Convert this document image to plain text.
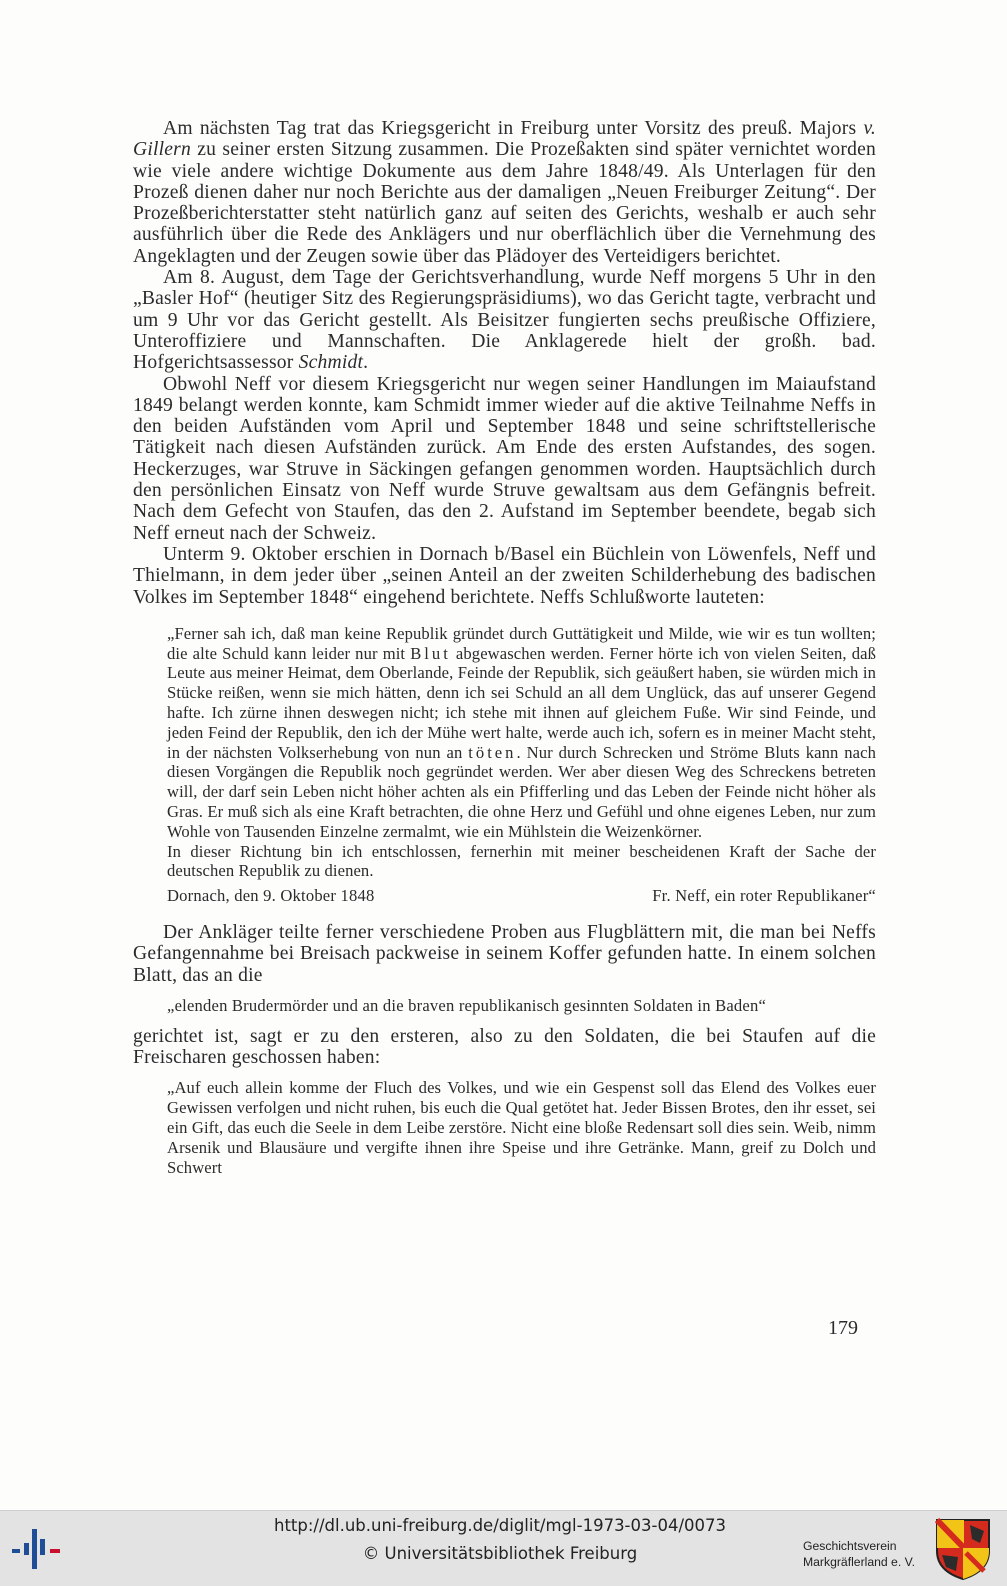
Am nächsten Tag trat das Kriegsgericht in Freiburg unter Vorsitz des preuß. Majors v. Gillern zu seiner ersten Sitzung zusammen. Die Prozeßakten sind später vernichtet worden wie viele andere wichtige Dokumente aus dem Jahre 1848/49. Als Unterlagen für den Prozeß dienen daher nur noch Berichte aus der damaligen „Neuen Freiburger Zeitung“. Der Prozeßberichterstatter steht natürlich ganz auf seiten des Gerichts, weshalb er auch sehr ausführlich über die Rede des Anklägers und nur oberflächlich über die Vernehmung des Angeklagten und der Zeugen sowie über das Plädoyer des Verteidigers berichtet.

Am 8. August, dem Tage der Gerichtsverhandlung, wurde Neff morgens 5 Uhr in den „Basler Hof“ (heutiger Sitz des Regierungspräsidiums), wo das Gericht tagte, verbracht und um 9 Uhr vor das Gericht gestellt. Als Beisitzer fungierten sechs preußische Offiziere, Unteroffiziere und Mannschaften. Die Anklagerede hielt der großh. bad. Hofgerichtsassessor Schmidt.

Obwohl Neff vor diesem Kriegsgericht nur wegen seiner Handlungen im Maiaufstand 1849 belangt werden konnte, kam Schmidt immer wieder auf die aktive Teilnahme Neffs in den beiden Aufständen vom April und September 1848 und seine schriftstellerische Tätigkeit nach diesen Aufständen zurück. Am Ende des ersten Aufstandes, des sogen. Heckerzuges, war Struve in Säckingen gefangen genommen worden. Hauptsächlich durch den persönlichen Einsatz von Neff wurde Struve gewaltsam aus dem Gefängnis befreit. Nach dem Gefecht von Staufen, das den 2. Aufstand im September beendete, begab sich Neff erneut nach der Schweiz.

Unterm 9. Oktober erschien in Dornach b/Basel ein Büchlein von Löwenfels, Neff und Thielmann, in dem jeder über „seinen Anteil an der zweiten Schilderhebung des badischen Volkes im September 1848“ eingehend berichtete. Neffs Schlußworte lauteten:

„Ferner sah ich, daß man keine Republik gründet durch Guttätigkeit und Milde, wie wir es tun wollten; die alte Schuld kann leider nur mit Blut abgewaschen werden. Ferner hörte ich von vielen Seiten, daß Leute aus meiner Heimat, dem Oberlande, Feinde der Republik, sich geäußert haben, sie würden mich in Stücke reißen, wenn sie mich hätten, denn ich sei Schuld an all dem Unglück, das auf unserer Gegend hafte. Ich zürne ihnen deswegen nicht; ich stehe mit ihnen auf gleichem Fuße. Wir sind Feinde, und jeden Feind der Republik, den ich der Mühe wert halte, werde auch ich, sofern es in meiner Macht steht, in der nächsten Volkserhebung von nun an töten. Nur durch Schrecken und Ströme Bluts kann nach diesen Vorgängen die Republik noch gegründet werden. Wer aber diesen Weg des Schreckens betreten will, der darf sein Leben nicht höher achten als ein Pfifferling und das Leben der Feinde nicht höher als Gras. Er muß sich als eine Kraft betrachten, die ohne Herz und Gefühl und ohne eigenes Leben, nur zum Wohle von Tausenden Einzelne zermalmt, wie ein Mühlstein die Weizenkörner.

In dieser Richtung bin ich entschlossen, fernerhin mit meiner bescheidenen Kraft der Sache der deutschen Republik zu dienen.

Dornach, den 9. Oktober 1848	Fr. Neff, ein roter Republikaner“

Der Ankläger teilte ferner verschiedene Proben aus Flugblättern mit, die man bei Neffs Gefangennahme bei Breisach packweise in seinem Koffer gefunden hatte. In einem solchen Blatt, das an die

„elenden Brudermörder und an die braven republikanisch gesinnten Soldaten in Baden“

gerichtet ist, sagt er zu den ersteren, also zu den Soldaten, die bei Staufen auf die Freischaren geschossen haben:

„Auf euch allein komme der Fluch des Volkes, und wie ein Gespenst soll das Elend des Volkes euer Gewissen verfolgen und nicht ruhen, bis euch die Qual getötet hat. Jeder Bissen Brotes, den ihr esset, sei ein Gift, das euch die Seele in dem Leibe zerstöre. Nicht eine bloße Redensart soll dies sein. Weib, nimm Arsenik und Blausäure und vergifte ihnen ihre Speise und ihre Getränke. Mann, greif zu Dolch und Schwert

179
http://dl.ub.uni-freiburg.de/diglit/mgl-1973-03-04/0073
© Universitätsbibliothek Freiburg	Geschichtsverein
Markgräflerland e. V.
